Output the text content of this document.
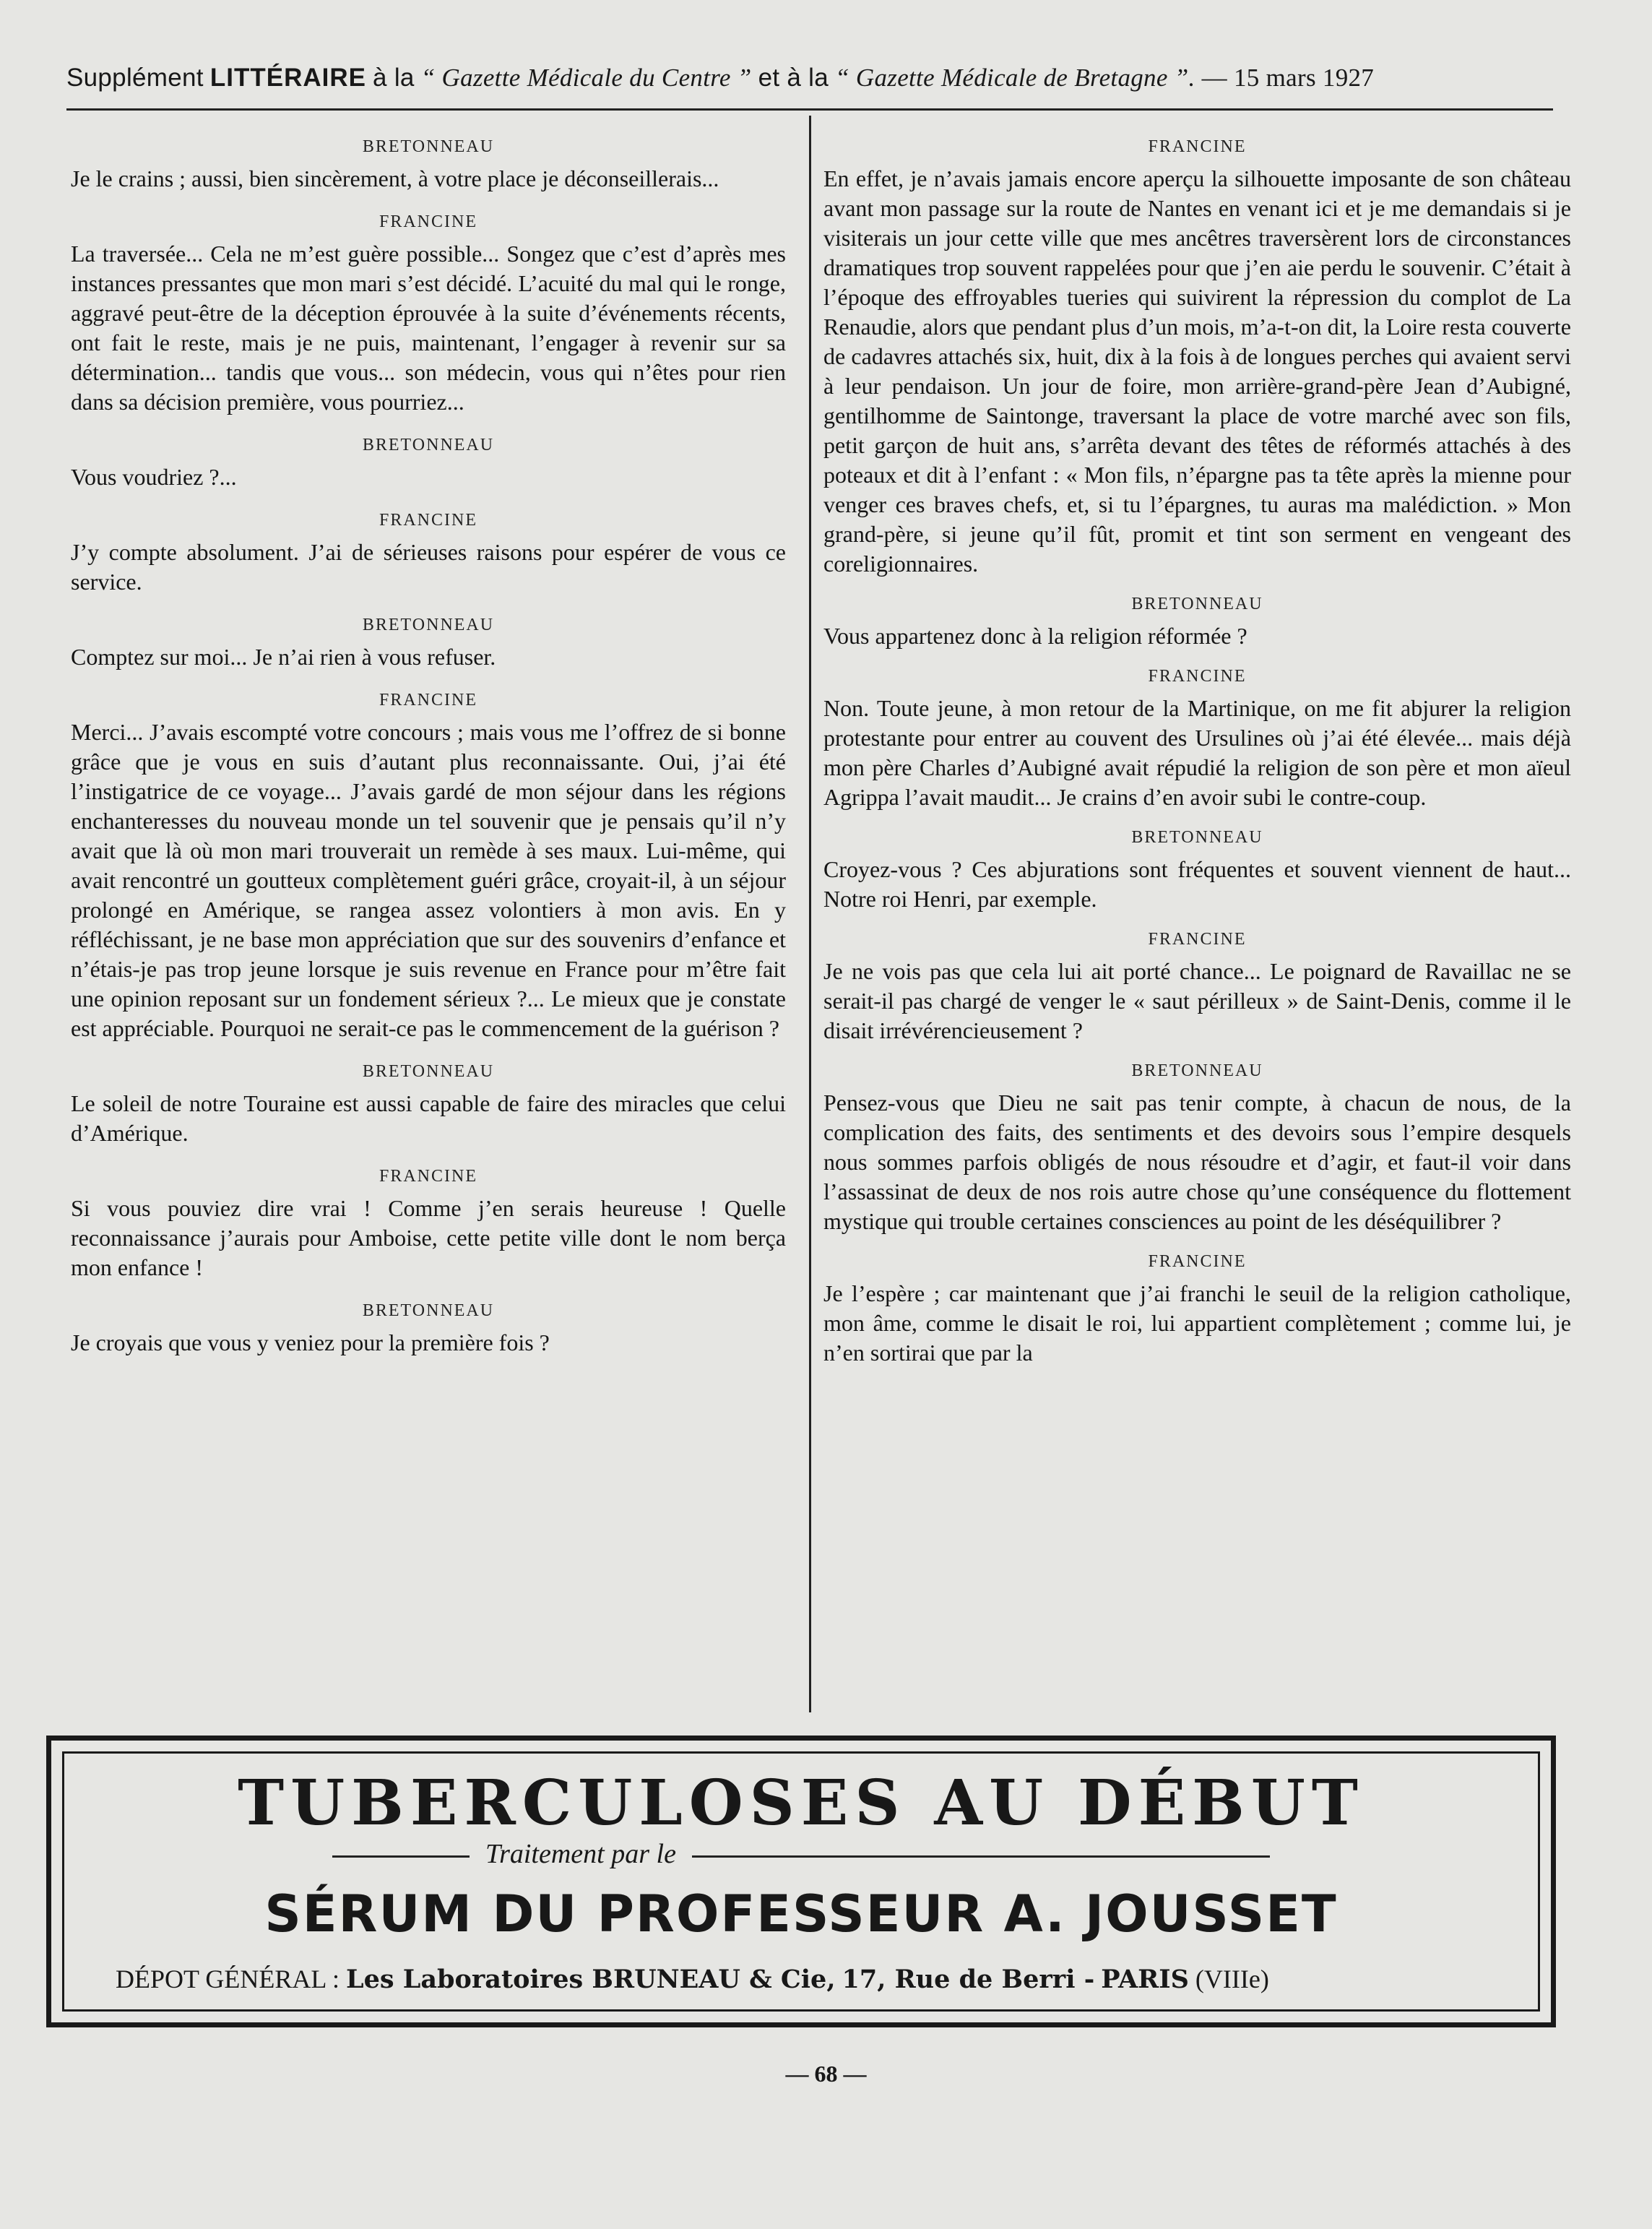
Supplément LITTÉRAIRE à la “ Gazette Médicale du Centre ” et à la “ Gazette Médicale de Bretagne ”. — 15 mars 1927
BRETONNEAU
Je le crains ; aussi, bien sincèrement, à votre place je déconseillerais...
FRANCINE
La traversée... Cela ne m’est guère possible... Songez que c’est d’après mes instances pressantes que mon mari s’est décidé. L’acuité du mal qui le ronge, aggravé peut-être de la déception éprouvée à la suite d’événements récents, ont fait le reste, mais je ne puis, maintenant, l’engager à revenir sur sa détermination... tandis que vous... son médecin, vous qui n’êtes pour rien dans sa décision première, vous pourriez...
BRETONNEAU
Vous voudriez ?...
FRANCINE
J’y compte absolument. J’ai de sérieuses raisons pour espérer de vous ce service.
BRETONNEAU
Comptez sur moi... Je n’ai rien à vous refuser.
FRANCINE
Merci... J’avais escompté votre concours ; mais vous me l’offrez de si bonne grâce que je vous en suis d’autant plus reconnaissante. Oui, j’ai été l’instigatrice de ce voyage... J’avais gardé de mon séjour dans les régions enchanteresses du nouveau monde un tel souvenir que je pensais qu’il n’y avait que là où mon mari trouverait un remède à ses maux. Lui-même, qui avait rencontré un goutteux complètement guéri grâce, croyait-il, à un séjour prolongé en Amérique, se rangea assez volontiers à mon avis. En y réfléchissant, je ne base mon appréciation que sur des souvenirs d’enfance et n’étais-je pas trop jeune lorsque je suis revenue en France pour m’être fait une opinion reposant sur un fondement sérieux ?... Le mieux que je constate est appréciable. Pourquoi ne serait-ce pas le commencement de la guérison ?
BRETONNEAU
Le soleil de notre Touraine est aussi capable de faire des miracles que celui d’Amérique.
FRANCINE
Si vous pouviez dire vrai ! Comme j’en serais heureuse ! Quelle reconnaissance j’aurais pour Amboise, cette petite ville dont le nom berça mon enfance !
BRETONNEAU
Je croyais que vous y veniez pour la première fois ?
FRANCINE
En effet, je n’avais jamais encore aperçu la silhouette imposante de son château avant mon passage sur la route de Nantes en venant ici et je me demandais si je visiterais un jour cette ville que mes ancêtres traversèrent lors de circonstances dramatiques trop souvent rappelées pour que j’en aie perdu le souvenir. C’était à l’époque des effroyables tueries qui suivirent la répression du complot de La Renaudie, alors que pendant plus d’un mois, m’a-t-on dit, la Loire resta couverte de cadavres attachés six, huit, dix à la fois à de longues perches qui avaient servi à leur pendaison. Un jour de foire, mon arrière-grand-père Jean d’Aubigné, gentilhomme de Saintonge, traversant la place de votre marché avec son fils, petit garçon de huit ans, s’arrêta devant des têtes de réformés attachés à des poteaux et dit à l’enfant : « Mon fils, n’épargne pas ta tête après la mienne pour venger ces braves chefs, et, si tu l’épargnes, tu auras ma malédiction. » Mon grand-père, si jeune qu’il fût, promit et tint son serment en vengeant des coreligionnaires.
BRETONNEAU
Vous appartenez donc à la religion réformée ?
FRANCINE
Non. Toute jeune, à mon retour de la Martinique, on me fit abjurer la religion protestante pour entrer au couvent des Ursulines où j’ai été élevée... mais déjà mon père Charles d’Aubigné avait répudié la religion de son père et mon aïeul Agrippa l’avait maudit... Je crains d’en avoir subi le contre-coup.
BRETONNEAU
Croyez-vous ? Ces abjurations sont fréquentes et souvent viennent de haut... Notre roi Henri, par exemple.
FRANCINE
Je ne vois pas que cela lui ait porté chance... Le poignard de Ravaillac ne se serait-il pas chargé de venger le « saut périlleux » de Saint-Denis, comme il le disait irrévérencieusement ?
BRETONNEAU
Pensez-vous que Dieu ne sait pas tenir compte, à chacun de nous, de la complication des faits, des sentiments et des devoirs sous l’empire desquels nous sommes parfois obligés de nous résoudre et d’agir, et faut-il voir dans l’assassinat de deux de nos rois autre chose qu’une conséquence du flottement mystique qui trouble certaines consciences au point de les déséquilibrer ?
FRANCINE
Je l’espère ; car maintenant que j’ai franchi le seuil de la religion catholique, mon âme, comme le disait le roi, lui appartient complètement ; comme lui, je n’en sortirai que par la
TUBERCULOSES AU DÉBUT
Traitement par le
SÉRUM DU PROFESSEUR A. JOUSSET
DÉPOT GÉNÉRAL : Les Laboratoires BRUNEAU & Cie, 17, Rue de Berri - PARIS (VIIIe)
— 68 —
